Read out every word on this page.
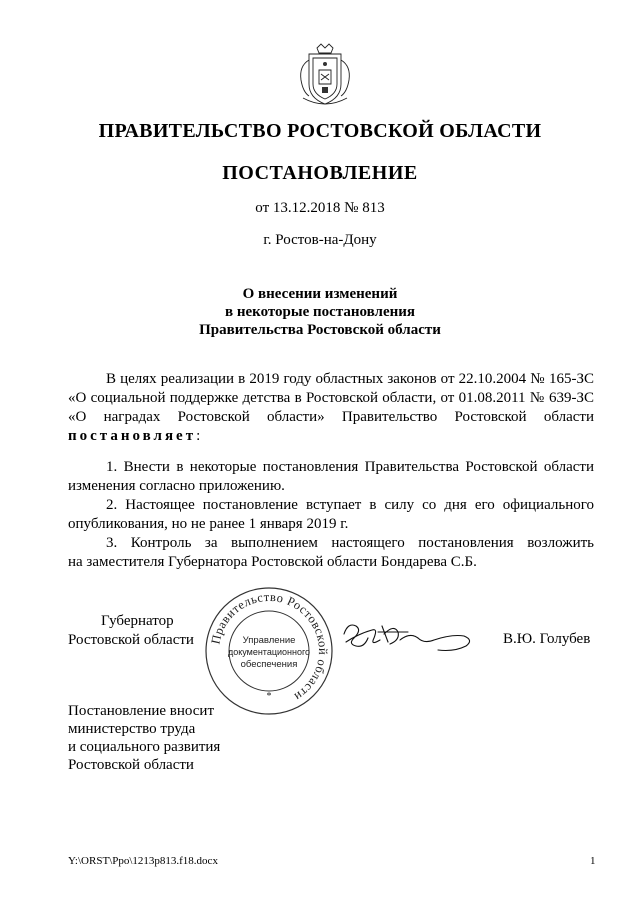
ПРАВИТЕЛЬСТВО РОСТОВСКОЙ ОБЛАСТИ
ПОСТАНОВЛЕНИЕ
от 13.12.2018 № 813
г. Ростов-на-Дону
О внесении изменений
в некоторые постановления
Правительства Ростовской области
В целях реализации в 2019 году областных законов от 22.10.2004 № 165-ЗС
«О социальной поддержке детства в Ростовской области, от 01.08.2011 № 639-ЗС
«О наградах Ростовской области» Правительство Ростовской области
постановляет:
1. Внести в некоторые постановления Правительства Ростовской области
изменения согласно приложению.
2. Настоящее постановление вступает в силу со дня его официального
опубликования, но не ранее 1 января 2019 г.
3. Контроль за выполнением настоящего постановления возложить
на заместителя Губернатора Ростовской области Бондарева С.Б.
Губернатор
Ростовской области	Правительство Ростовской области
Управление
документационного
обеспечения
*
В.Ю. Голубев
Постановление вносит
министерство труда
и социального развития
Ростовской области
Y:\ORST\Ppo\1213p813.f18.docx	1
